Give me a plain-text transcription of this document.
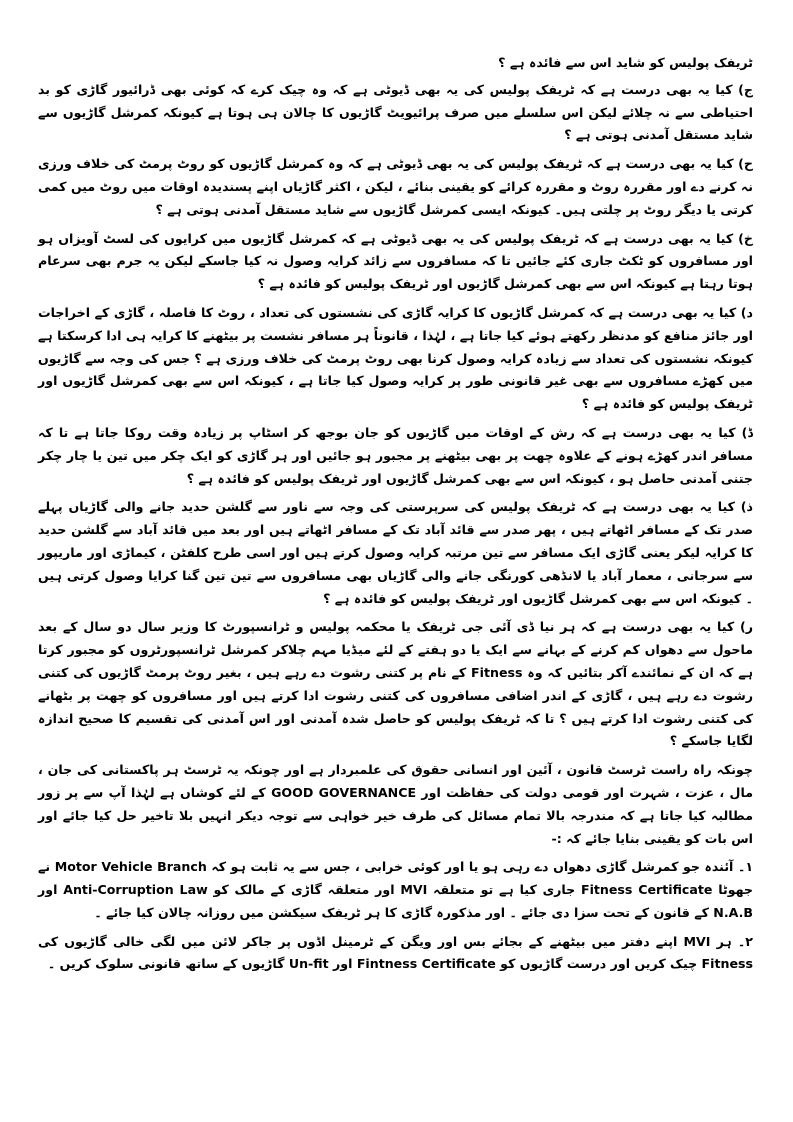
ٹریفک پولیس کو شاید اس سے فائدہ ہے ؟

ج) کیا یہ بھی درست ہے کہ ٹریفک پولیس کی یہ بھی ڈیوٹی ہے کہ وہ چیک کرے کہ کوئی بھی ڈرائیور گاڑی کو بد احتیاطی سے نہ چلائے لیکن اس سلسلے میں صرف پرائیویٹ گاڑیوں کا چالان ہی ہوتا ہے کیونکہ کمرشل گاڑیوں سے شاید مستقل آمدنی ہوتی ہے ؟

ح) کیا یہ بھی درست ہے کہ ٹریفک پولیس کی یہ بھی ڈیوٹی ہے کہ وہ کمرشل گاڑیوں کو روٹ پرمٹ کی خلاف ورزی نہ کرنے دے اور مقررہ روٹ و مقررہ کرائے کو یقینی بنائے ، لیکن ، اکثر گاڑیاں اپنے پسندیدہ اوقات میں روٹ میں کمی کرتی یا دیگر روٹ پر چلتی ہیں۔ کیونکہ ایسی کمرشل گاڑیوں سے شاید مستقل آمدنی ہوتی ہے ؟

خ) کیا یہ بھی درست ہے کہ ٹریفک پولیس کی یہ بھی ڈیوٹی ہے کہ کمرشل گاڑیوں میں کرایوں کی لسٹ آویزاں ہو اور مسافروں کو ٹکٹ جاری کئے جائیں تا کہ مسافروں سے زائد کرایہ وصول نہ کیا جاسکے لیکن یہ جرم بھی سرعام ہوتا رہتا ہے کیونکہ اس سے بھی کمرشل گاڑیوں اور ٹریفک پولیس کو فائدہ ہے ؟

د) کیا یہ بھی درست ہے کہ کمرشل گاڑیوں کا کرایہ گاڑی کی نشستوں کی تعداد ، روٹ کا فاصلہ ، گاڑی کے اخراجات اور جائز منافع کو مدنظر رکھتے ہوئے کیا جاتا ہے ، لہٰذا ، قانوناً ہر مسافر نشست پر بیٹھنے کا کرایہ ہی ادا کرسکتا ہے کیونکہ نشستوں کی تعداد سے زیادہ کرایہ وصول کرنا بھی روٹ پرمٹ کی خلاف ورزی ہے ؟ جس کی وجہ سے گاڑیوں میں کھڑے مسافروں سے بھی غیر قانونی طور پر کرایہ وصول کیا جاتا ہے ، کیونکہ اس سے بھی کمرشل گاڑیوں اور ٹریفک پولیس کو فائدہ ہے ؟

ڈ) کیا یہ بھی درست ہے کہ رش کے اوقات میں گاڑیوں کو جان بوجھ کر اسٹاپ پر زیادہ وقت روکا جاتا ہے تا کہ مسافر اندر کھڑے ہونے کے علاوہ چھت پر بھی بیٹھنے پر مجبور ہو جائیں اور ہر گاڑی کو ایک چکر میں تین یا چار چکر جتنی آمدنی حاصل ہو ، کیونکہ اس سے بھی کمرشل گاڑیوں اور ٹریفک پولیس کو فائدہ ہے ؟

ذ) کیا یہ بھی درست ہے کہ ٹریفک پولیس کی سرپرستی کی وجہ سے ناور سے گلشن حدید جانے والی گاڑیاں پہلے صدر تک کے مسافر اٹھاتے ہیں ، پھر صدر سے قائد آباد تک کے مسافر اٹھاتے ہیں اور بعد میں قائد آباد سے گلشن حدید کا کرایہ لیکر یعنی گاڑی ایک مسافر سے تین مرتبہ کرایہ وصول کرتے ہیں اور اسی طرح کلفٹن ، کیماڑی اور ماریپور سے سرجانی ، معمار آباد یا لانڈھی کورنگی جانے والی گاڑیاں بھی مسافروں سے تین تین گنا کرایا وصول کرتی ہیں ۔ کیونکہ اس سے بھی کمرشل گاڑیوں اور ٹریفک پولیس کو فائدہ ہے ؟

ر) کیا یہ بھی درست ہے کہ ہر نیا ڈی آئی جی ٹریفک یا محکمہ پولیس و ٹرانسپورٹ کا وزیر سال دو سال کے بعد ماحول سے دھواں کم کرنے کے بہانے سے ایک یا دو ہفتے کے لئے میڈیا مہم چلاکر کمرشل ٹرانسپورٹروں کو مجبور کرتا ہے کہ ان کے نمائندے آکر بتائیں کہ وہ Fitness کے نام پر کتنی رشوت دے رہے ہیں ، بغیر روٹ پرمٹ گاڑیوں کی کتنی رشوت دے رہے ہیں ، گاڑی کے اندر اضافی مسافروں کی کتنی رشوت ادا کرتے ہیں اور مسافروں کو چھت پر بٹھانے کی کتنی رشوت ادا کرتے ہیں ؟ تا کہ ٹریفک پولیس کو حاصل شدہ آمدنی اور اس آمدنی کی تقسیم کا صحیح اندازہ لگایا جاسکے ؟

چونکہ راہ راست ٹرسٹ قانون ، آئین اور انسانی حقوق کی علمبردار ہے اور چونکہ یہ ٹرسٹ ہر پاکستانی کی جان ، مال ، عزت ، شہرت اور قومی دولت کی حفاظت اور GOOD GOVERNANCE کے لئے کوشاں ہے لہٰذا آپ سے پر زور مطالبہ کیا جاتا ہے کہ مندرجہ بالا تمام مسائل کی طرف خیر خواہی سے توجہ دیکر انہیں بلا تاخیر حل کیا جائے اور اس بات کو یقینی بنایا جائے کہ :-

١۔ آئندہ جو کمرشل گاڑی دھواں دے رہی ہو یا اور کوئی خرابی ، جس سے یہ ثابت ہو کہ Motor Vehicle Branch نے جھوٹا Fitness Certificate جاری کیا ہے تو متعلقہ MVI اور متعلقہ گاڑی کے مالک کو Anti-Corruption Law اور N.A.B کے قانون کے تحت سزا دی جائے ۔ اور مذکورہ گاڑی کا ہر ٹریفک سیکشن میں روزانہ چالان کیا جائے ۔

٢۔ ہر MVI اپنے دفتر میں بیٹھنے کے بجائے بس اور ویگن کے ٹرمینل اڈوں پر جاکر لائن میں لگی خالی گاڑیوں کی Fitness چیک کریں اور درست گاڑیوں کو Fintness Certificate اور Un-fit گاڑیوں کے ساتھ قانونی سلوک کریں ۔
